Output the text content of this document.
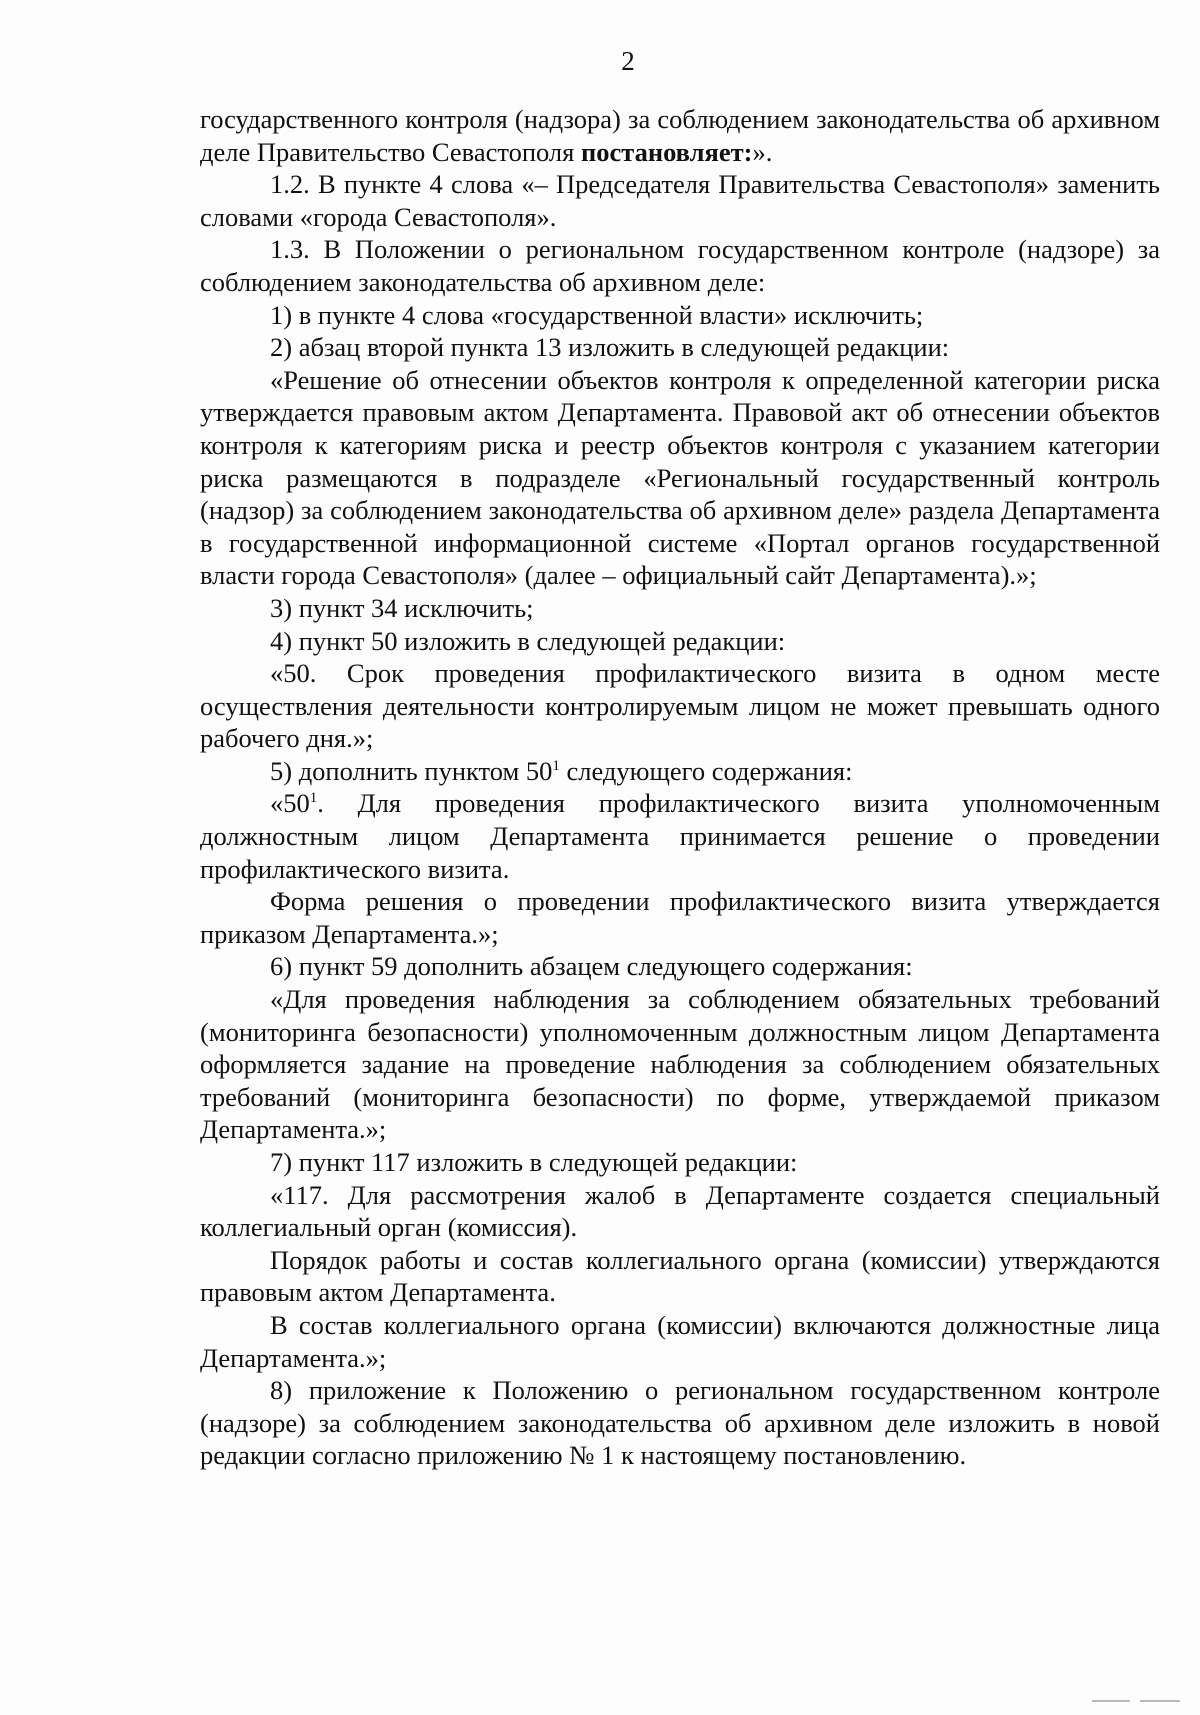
2

государственного контроля (надзора) за соблюдением законодательства об архивном деле Правительство Севастополя постановляет:».

1.2. В пункте 4 слова «– Председателя Правительства Севастополя» заменить словами «города Севастополя».

1.3. В Положении о региональном государственном контроле (надзоре) за соблюдением законодательства об архивном деле:

1) в пункте 4 слова «государственной власти» исключить;

2) абзац второй пункта 13 изложить в следующей редакции:

«Решение об отнесении объектов контроля к определенной категории риска утверждается правовым актом Департамента. Правовой акт об отнесении объектов контроля к категориям риска и реестр объектов контроля с указанием категории риска размещаются в подразделе «Региональный государственный контроль (надзор) за соблюдением законодательства об архивном деле» раздела Департамента в государственной информационной системе «Портал органов государственной власти города Севастополя» (далее – официальный сайт Департамента).»;

3) пункт 34 исключить;

4) пункт 50 изложить в следующей редакции:

«50. Срок проведения профилактического визита в одном месте осуществления деятельности контролируемым лицом не может превышать одного рабочего дня.»;

5) дополнить пунктом $50^1$ следующего содержания:

«$50^1$. Для проведения профилактического визита уполномоченным должностным лицом Департамента принимается решение о проведении профилактического визита.

Форма решения о проведении профилактического визита утверждается приказом Департамента.»;

6) пункт 59 дополнить абзацем следующего содержания:

«Для проведения наблюдения за соблюдением обязательных требований (мониторинга безопасности) уполномоченным должностным лицом Департамента оформляется задание на проведение наблюдения за соблюдением обязательных требований (мониторинга безопасности) по форме, утверждаемой приказом Департамента.»;

7) пункт 117 изложить в следующей редакции:

«117. Для рассмотрения жалоб в Департаменте создается специальный коллегиальный орган (комиссия).

Порядок работы и состав коллегиального органа (комиссии) утверждаются правовым актом Департамента.

В состав коллегиального органа (комиссии) включаются должностные лица Департамента.»;

8) приложение к Положению о региональном государственном контроле (надзоре) за соблюдением законодательства об архивном деле изложить в новой редакции согласно приложению № 1 к настоящему постановлению.
